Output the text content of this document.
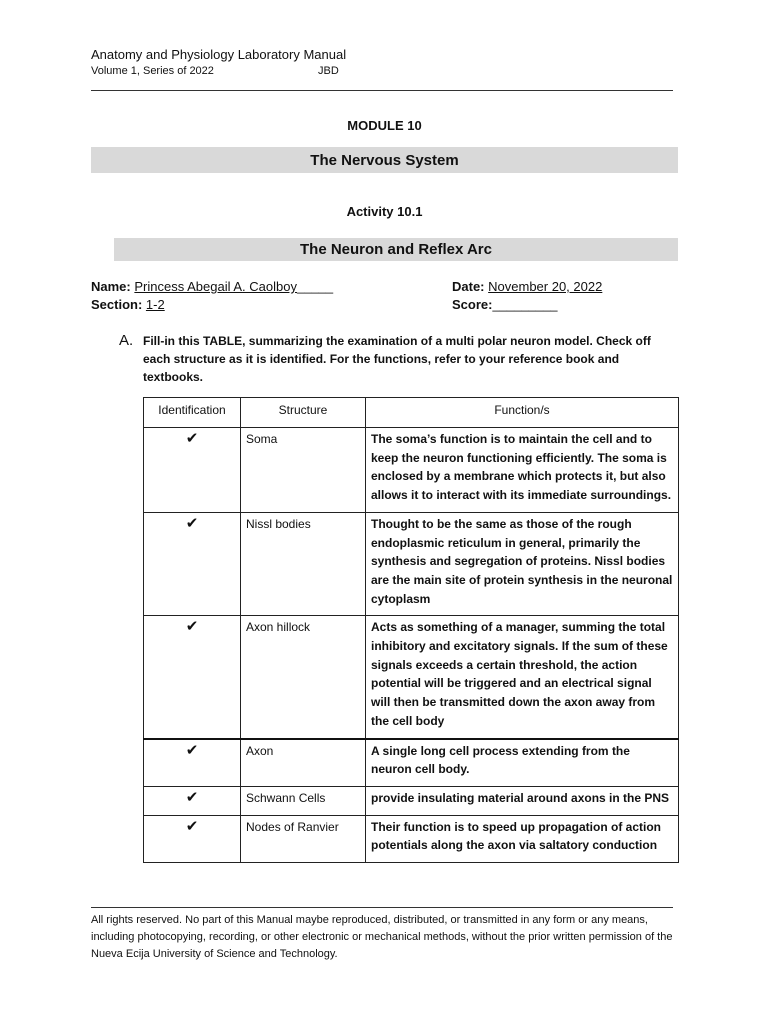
Anatomy and Physiology Laboratory Manual
Volume 1, Series of 2022	JBD
MODULE 10
The Nervous System
Activity 10.1
The Neuron and Reflex Arc
Name: Princess Abegail A. Caolboy_____
Section: 1-2
Date: November 20, 2022
Score:_________
A. Fill-in this TABLE, summarizing the examination of a multi polar neuron model. Check off each structure as it is identified. For the functions, refer to your reference book and textbooks.
Identification	Structure	Function/s
✔	Soma	The soma’s function is to maintain the cell and to keep the neuron functioning efficiently. The soma is enclosed by a membrane which protects it, but also allows it to interact with its immediate surroundings.
✔	Nissl bodies	Thought to be the same as those of the rough endoplasmic reticulum in general, primarily the synthesis and segregation of proteins. Nissl bodies are the main site of protein synthesis in the neuronal cytoplasm
✔	Axon hillock	Acts as something of a manager, summing the total inhibitory and excitatory signals. If the sum of these signals exceeds a certain threshold, the action potential will be triggered and an electrical signal will then be transmitted down the axon away from the cell body
✔	Axon	A single long cell process extending from the neuron cell body.
✔	Schwann Cells	provide insulating material around axons in the PNS
✔	Nodes of Ranvier	Their function is to speed up propagation of action potentials along the axon via saltatory conduction
All rights reserved. No part of this Manual maybe reproduced, distributed, or transmitted in any form or any means, including photocopying, recording, or other electronic or mechanical methods, without the prior written permission of the Nueva Ecija University of Science and Technology.
